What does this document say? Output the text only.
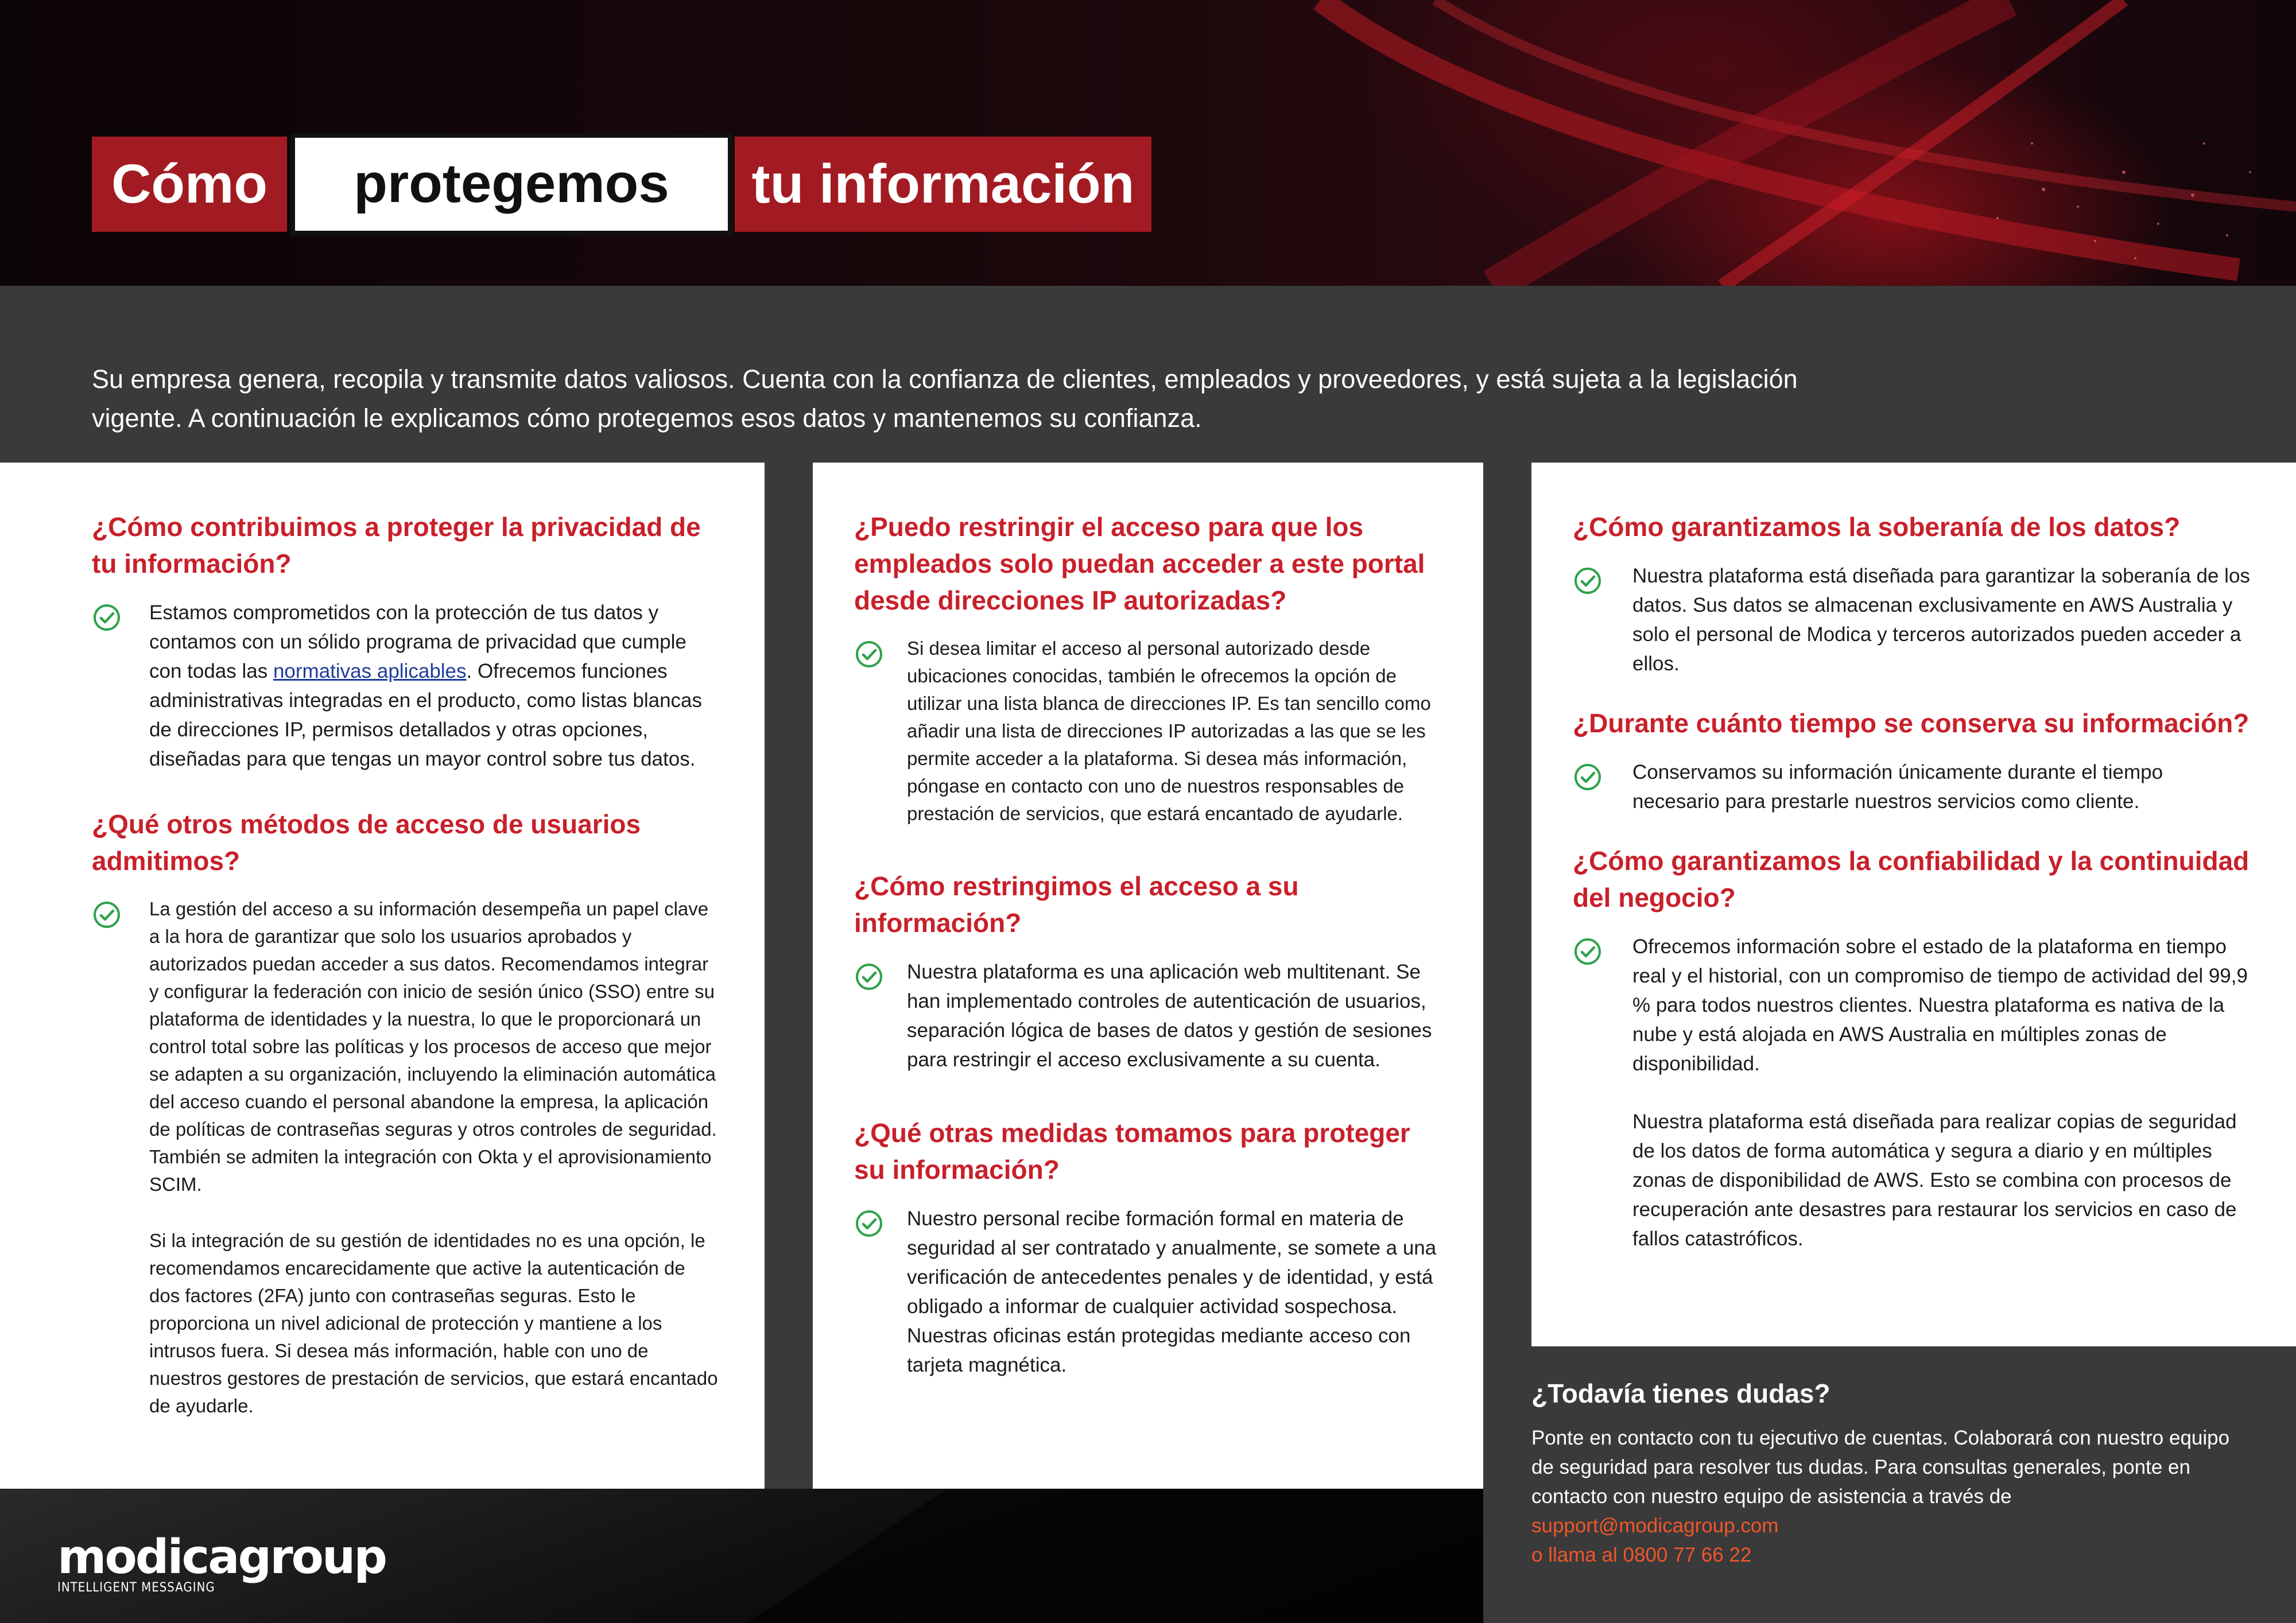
Cómo	protegemos	tu información

Su empresa genera, recopila y transmite datos valiosos. Cuenta con la confianza de clientes, empleados y proveedores, y está sujeta a la legislación vigente. A continuación le explicamos cómo protegemos esos datos y mantenemos su confianza.

¿Cómo contribuimos a proteger la privacidad de tu información?

Estamos comprometidos con la protección de tus datos y contamos con un sólido programa de privacidad que cumple con todas las normativas aplicables. Ofrecemos funciones administrativas integradas en el producto, como listas blancas de direcciones IP, permisos detallados y otras opciones, diseñadas para que tengas un mayor control sobre tus datos.

¿Qué otros métodos de acceso de usuarios admitimos?

La gestión del acceso a su información desempeña un papel clave a la hora de garantizar que solo los usuarios aprobados y autorizados puedan acceder a sus datos. Recomendamos integrar y configurar la federación con inicio de sesión único (SSO) entre su plataforma de identidades y la nuestra, lo que le proporcionará un control total sobre las políticas y los procesos de acceso que mejor se adapten a su organización, incluyendo la eliminación automática del acceso cuando el personal abandone la empresa, la aplicación de políticas de contraseñas seguras y otros controles de seguridad. También se admiten la integración con Okta y el aprovisionamiento SCIM.

Si la integración de su gestión de identidades no es una opción, le recomendamos encarecidamente que active la autenticación de dos factores (2FA) junto con contraseñas seguras. Esto le proporciona un nivel adicional de protección y mantiene a los intrusos fuera. Si desea más información, hable con uno de nuestros gestores de prestación de servicios, que estará encantado de ayudarle.

¿Puedo restringir el acceso para que los empleados solo puedan acceder a este portal desde direcciones IP autorizadas?

Si desea limitar el acceso al personal autorizado desde ubicaciones conocidas, también le ofrecemos la opción de utilizar una lista blanca de direcciones IP. Es tan sencillo como añadir una lista de direcciones IP autorizadas a las que se les permite acceder a la plataforma. Si desea más información, póngase en contacto con uno de nuestros responsables de prestación de servicios, que estará encantado de ayudarle.

¿Cómo restringimos el acceso a su información?

Nuestra plataforma es una aplicación web multitenant. Se han implementado controles de autenticación de usuarios, separación lógica de bases de datos y gestión de sesiones para restringir el acceso exclusivamente a su cuenta.

¿Qué otras medidas tomamos para proteger su información?

Nuestro personal recibe formación formal en materia de seguridad al ser contratado y anualmente, se somete a una verificación de antecedentes penales y de identidad, y está obligado a informar de cualquier actividad sospechosa. Nuestras oficinas están protegidas mediante acceso con tarjeta magnética.

¿Cómo garantizamos la soberanía de los datos?

Nuestra plataforma está diseñada para garantizar la soberanía de los datos. Sus datos se almacenan exclusivamente en AWS Australia y solo el personal de Modica y terceros autorizados pueden acceder a ellos.

¿Durante cuánto tiempo se conserva su información?

Conservamos su información únicamente durante el tiempo necesario para prestarle nuestros servicios como cliente.

¿Cómo garantizamos la confiabilidad y la continuidad del negocio?

Ofrecemos información sobre el estado de la plataforma en tiempo real y el historial, con un compromiso de tiempo de actividad del 99,9 % para todos nuestros clientes. Nuestra plataforma es nativa de la nube y está alojada en AWS Australia en múltiples zonas de disponibilidad.

Nuestra plataforma está diseñada para realizar copias de seguridad de los datos de forma automática y segura a diario y en múltiples zonas de disponibilidad de AWS. Esto se combina con procesos de recuperación ante desastres para restaurar los servicios en caso de fallos catastróficos.

modicagroup
INTELLIGENT MESSAGING
¿Todavía tienes dudas?
Ponte en contacto con tu ejecutivo de cuentas. Colaborará con nuestro equipo de seguridad para resolver tus dudas. Para consultas generales, ponte en contacto con nuestro equipo de asistencia a través de
support@modicagroup.com
o llama al 0800 77 66 22
